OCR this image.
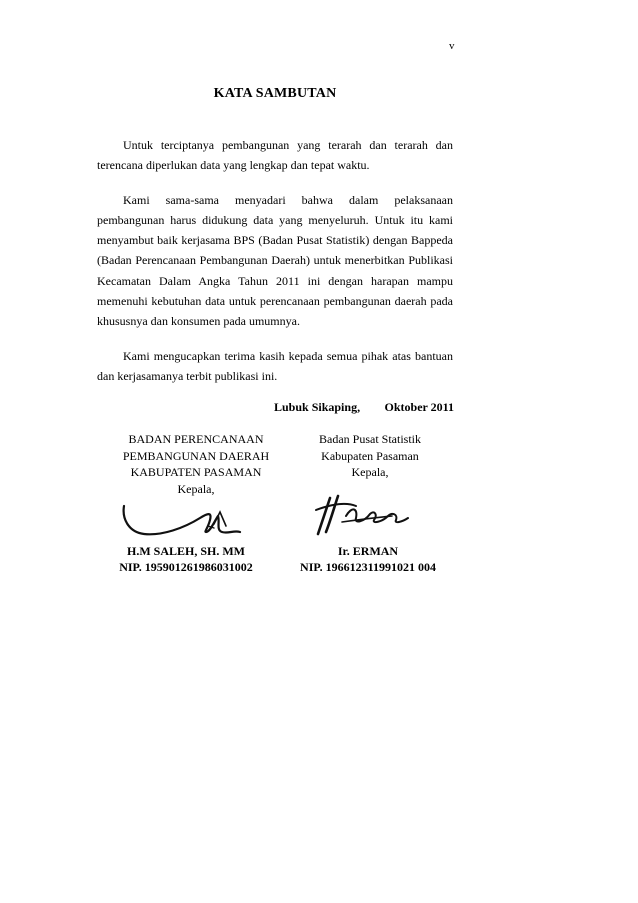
v
KATA SAMBUTAN

Untuk terciptanya pembangunan yang terarah dan terarah dan terencana diperlukan data yang lengkap dan tepat waktu.

Kami sama-sama menyadari bahwa dalam pelaksanaan pembangunan harus didukung data yang menyeluruh. Untuk itu kami menyambut baik kerjasama BPS (Badan Pusat Statistik) dengan Bappeda (Badan Perencanaan Pembangunan Daerah) untuk menerbitkan Publikasi Kecamatan Dalam Angka Tahun 2011 ini dengan harapan mampu memenuhi kebutuhan data untuk perencanaan pembangunan daerah pada khususnya dan konsumen pada umumnya.

Kami mengucapkan terima kasih kepada semua pihak atas bantuan dan kerjasamanya terbit publikasi ini.

Lubuk Sikaping, Oktober 2011
BADAN PERENCANAAN
PEMBANGUNAN DAERAH
KABUPATEN PASAMAN
Kepala,
Badan Pusat Statistik
Kabupaten Pasaman
Kepala,
H.M SALEH, SH. MM
NIP. 195901261986031002
Ir. ERMAN
NIP. 196612311991021 004
